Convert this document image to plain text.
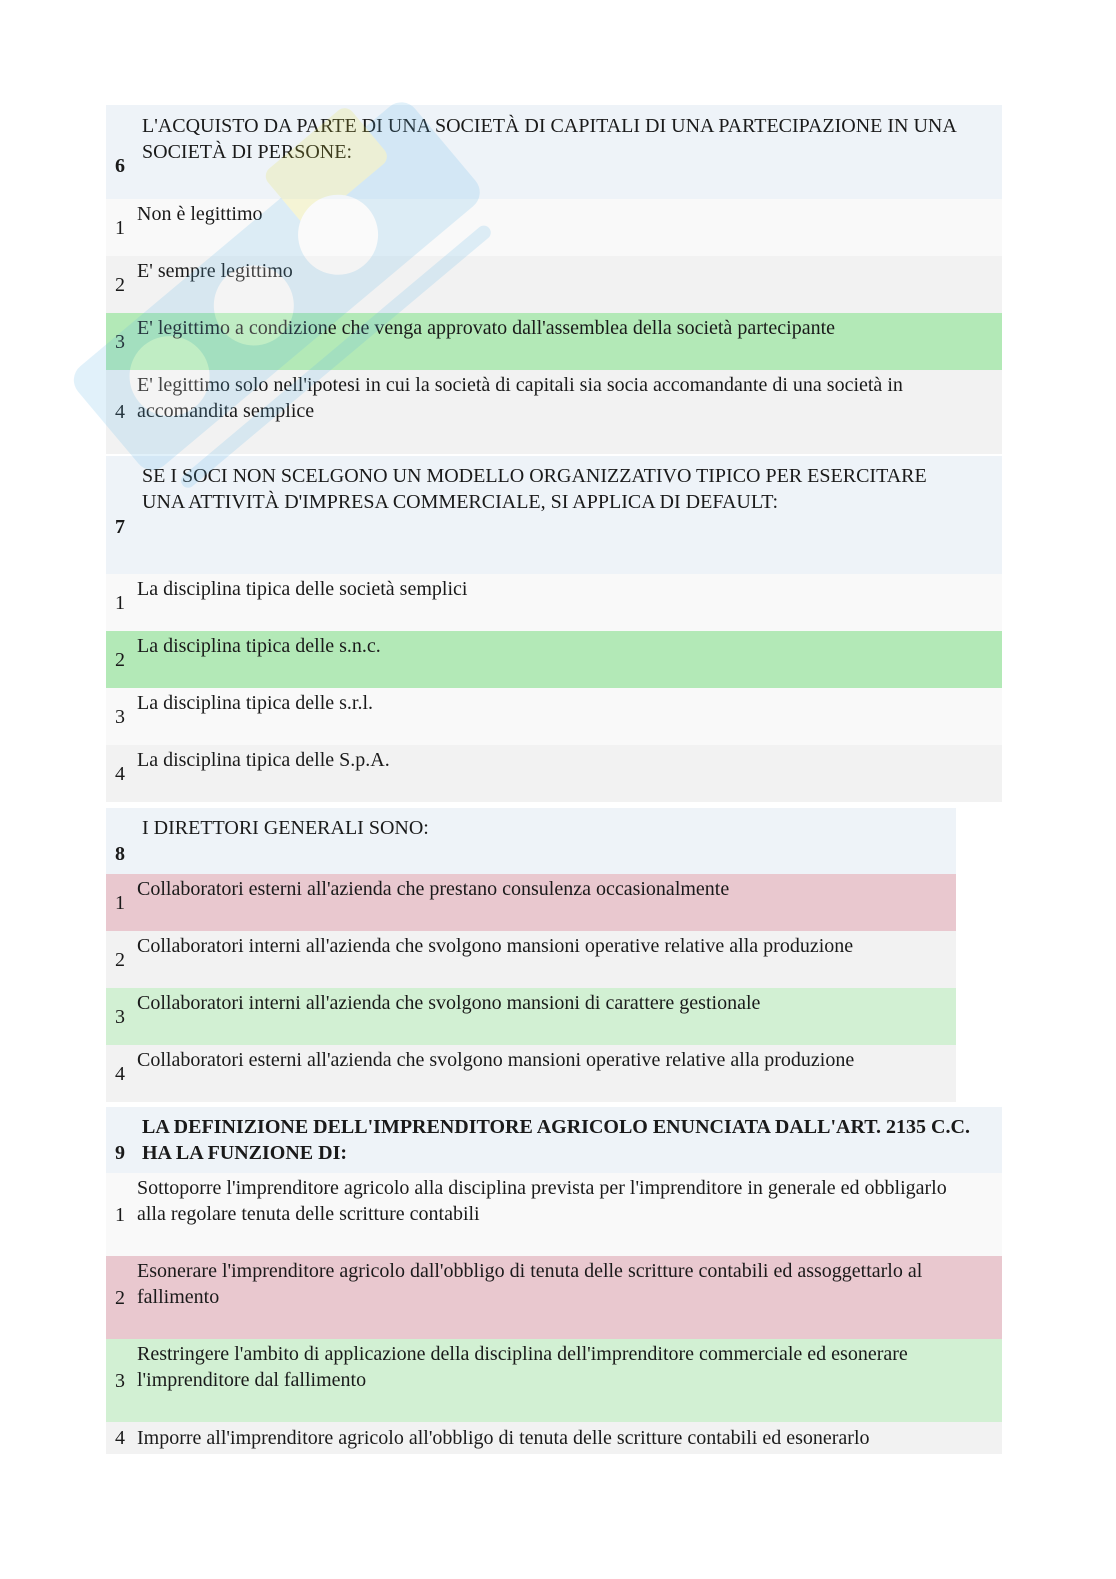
6
L'ACQUISTO DA PARTE DI UNA SOCIETÀ DI CAPITALI DI UNA PARTECIPAZIONE IN UNA SOCIETÀ DI PERSONE:
1
Non è legittimo
2
E' sempre legittimo
3
E' legittimo a condizione che venga approvato dall'assemblea della società partecipante
4
E' legittimo solo nell'ipotesi in cui la società di capitali sia socia accomandante di una società in accomandita semplice
7
SE I SOCI NON SCELGONO UN MODELLO ORGANIZZATIVO TIPICO PER ESERCITARE UNA ATTIVITÀ D'IMPRESA COMMERCIALE, SI APPLICA DI DEFAULT:
1
La disciplina tipica delle società semplici
2
La disciplina tipica delle s.n.c.
3
La disciplina tipica delle s.r.l.
4
La disciplina tipica delle S.p.A.
8
I DIRETTORI GENERALI SONO:
1
Collaboratori esterni all'azienda che prestano consulenza occasionalmente
2
Collaboratori interni all'azienda che svolgono mansioni operative relative alla produzione
3
Collaboratori interni all'azienda che svolgono mansioni di carattere gestionale
4
Collaboratori esterni all'azienda che svolgono mansioni operative relative alla produzione
9
LA DEFINIZIONE DELL'IMPRENDITORE AGRICOLO ENUNCIATA DALL'ART. 2135 C.C. HA LA FUNZIONE DI:
1
Sottoporre l'imprenditore agricolo alla disciplina prevista per l'imprenditore in generale ed obbligarlo alla regolare tenuta delle scritture contabili
2
Esonerare l'imprenditore agricolo dall'obbligo di tenuta delle scritture contabili ed assoggettarlo al fallimento
3
Restringere l'ambito di applicazione della disciplina dell'imprenditore commerciale ed esonerare l'imprenditore dal fallimento
4 Imporre all'imprenditore agricolo all'obbligo di tenuta delle scritture contabili ed esonerarlo
